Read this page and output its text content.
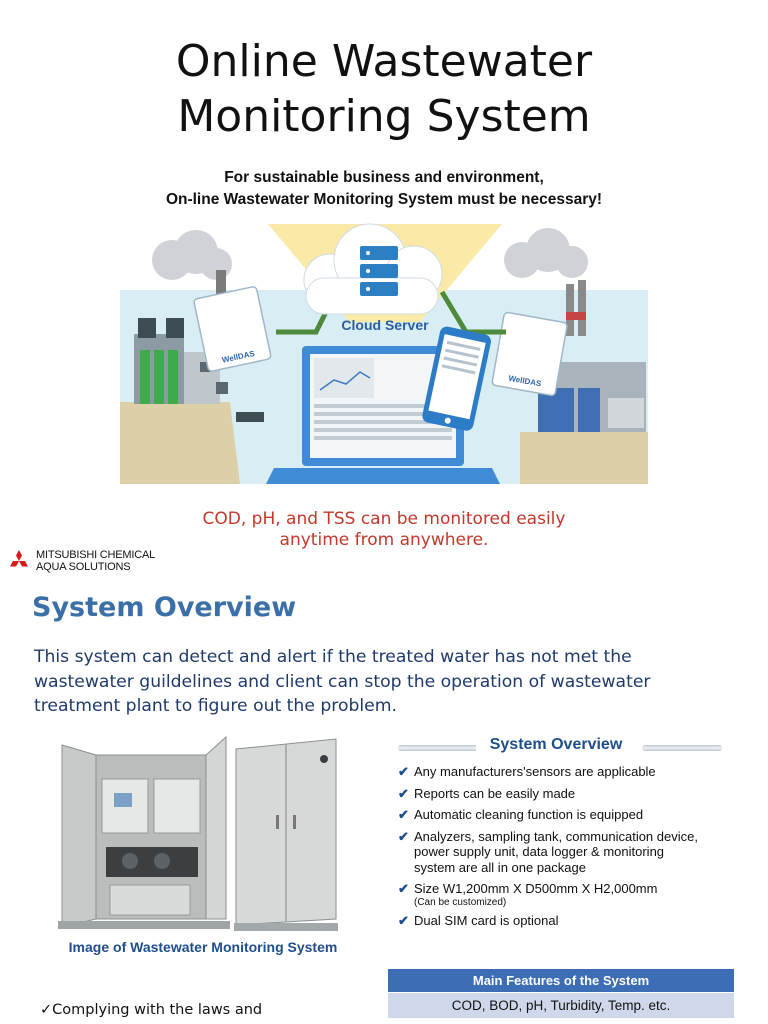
Online Wastewater
Monitoring System
For sustainable business and environment,
On-line Wastewater Monitoring System must be necessary!
WellDAS
WellDAS
Cloud Server
COD, pH, and TSS can be monitored easily
anytime from anywhere.
MITSUBISHI CHEMICAL
AQUA SOLUTIONS
System Overview
This system can detect and alert if the treated water has not met the wastewater guildelines and client can stop the operation of wastewater treatment plant to figure out the problem.
Image of Wastewater Monitoring System
System Overview
✔ Any manufacturers'sensors are applicable
✔ Reports can be easily made
✔ Automatic cleaning function is equipped
✔ Analyzers, sampling tank, communication device, power supply unit, data logger & monitoring system are all in one package
✔ Size W1,200mm X D500mm X H2,000mm
(Can be customized)
✔ Dual SIM card is optional
Main Features of the System
COD, BOD, pH, Turbidity, Temp. etc.
✓Complying with the laws and
